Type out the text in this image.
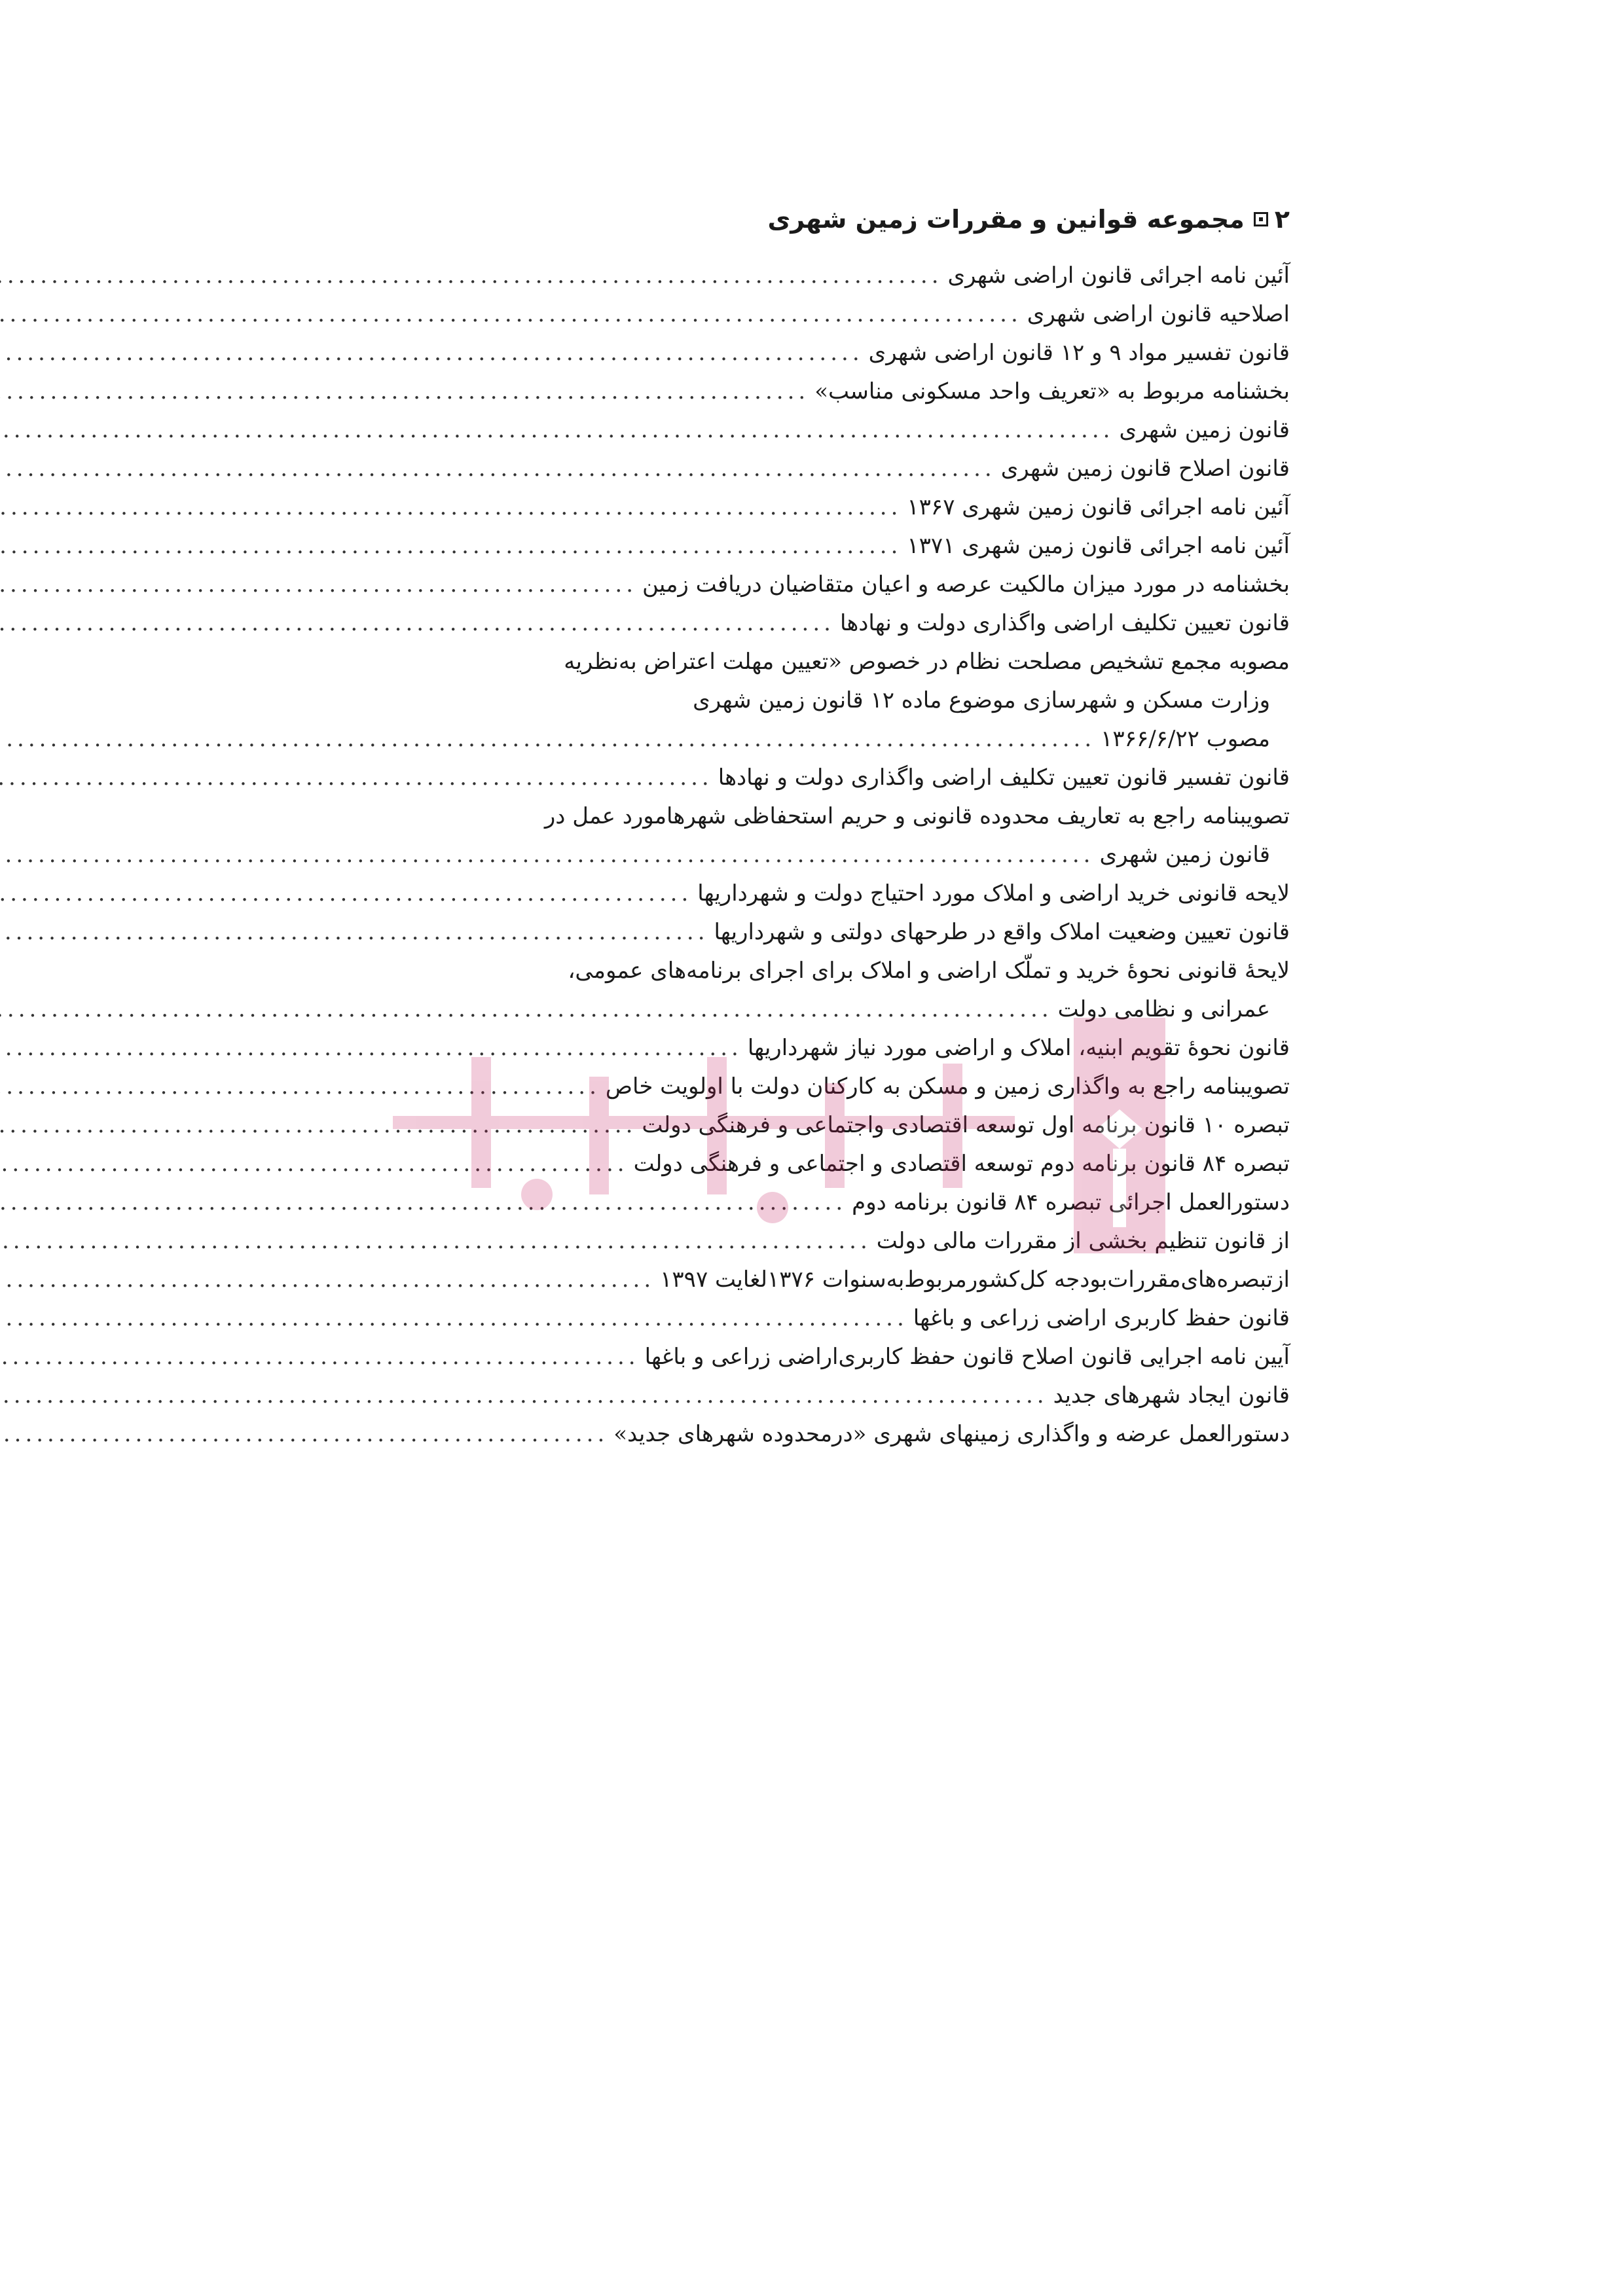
۲
مجموعه قوانین و مقررات زمین شهری
آئین نامه اجرائی قانون اراضی شهری
.....
اصلاحیه قانون اراضی شهری
.....
قانون تفسیر مواد ۹ و ۱۲ قانون اراضی شهری
.....
بخشنامه مربوط به «تعریف واحد مسکونی مناسب»
.....
قانون زمین شهری
.....
قانون اصلاح قانون زمین شهری
.....
آئین نامه اجرائی قانون زمین شهری ۱۳۶۷
.....
آئین نامه اجرائی قانون زمین شهری ۱۳۷۱
.....
بخشنامه در مورد میزان مالکیت عرصه و اعیان متقاضیان دریافت زمین
.....
قانون تعیین تکلیف اراضی واگذاری دولت و نهادها
.....
مصوبه مجمع تشخیص مصلحت نظام در خصوص «تعیین مهلت اعتراض به‌نظریه
وزارت مسکن و شهرسازی موضوع ماده ۱۲ قانون زمین شهری
مصوب ۱۳۶۶/۶/۲۲
.....
قانون تفسیر قانون تعیین تکلیف اراضی واگذاری دولت و نهادها
.....
تصویبنامه راجع به تعاریف محدوده قانونی و حریم استحفاظی شهرهامورد عمل در
قانون زمین شهری
.....
لایحه قانونی خرید اراضی و املاک مورد احتیاج دولت و شهرداریها
.....
قانون تعیین وضعیت املاک واقع در طرحهای دولتی و شهرداریها
.....
لایحهٔ قانونی نحوهٔ خرید و تملّک اراضی و املاک برای اجرای برنامه‌های عمومی،
عمرانی و نظامی دولت
.....
قانون نحوهٔ تقویم ابنیه، املاک و اراضی مورد نیاز شهرداریها
.....
تصویبنامه راجع به واگذاری زمین و مسکن به کارکنان دولت با اولویت خاص
.....
تبصره ۱۰ قانون برنامه اول توسعه اقتصادی واجتماعی و فرهنگی دولت
.....
تبصره ۸۴ قانون برنامه دوم توسعه اقتصادی و اجتماعی و فرهنگی دولت
.....
دستورالعمل اجرائی تبصره ۸۴ قانون برنامه دوم
.....
از قانون تنظیم بخشی از مقررات مالی دولت
.....
ازتبصره‌های‌مقررات‌بودجه کل‌کشورمربوط‌به‌سنوات ۱۳۷۶لغایت ۱۳۹۷
.....
قانون حفظ کاربری اراضی زراعی و باغها
.....
آیین نامه اجرایی قانون اصلاح قانون حفظ کاربری‌اراضی زراعی و باغها
.....
قانون ایجاد شهرهای جدید
.....
دستورالعمل عرضه و واگذاری زمینهای شهری «درمحدوده شهرهای جدید»
.....
